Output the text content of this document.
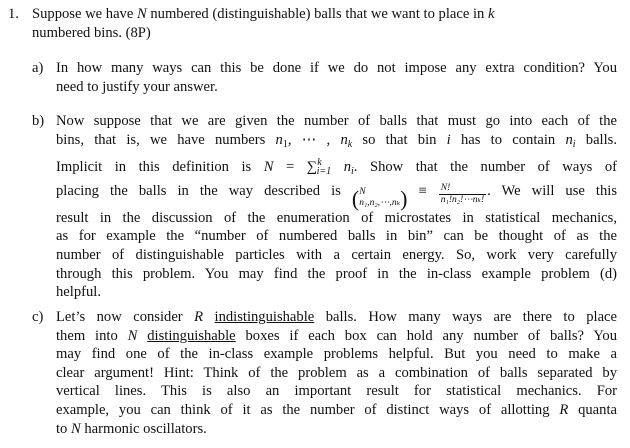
1. Suppose we have N numbered (distinguishable) balls that we want to place in k
numbered bins. (8P)
a) In how many ways can this be done if we do not impose any extra condition? You
need to justify your answer.
b) Now suppose that we are given the number of balls that must go into each of the
bins, that is, we have numbers $n_1$, ⋯ , $n_k$ so that bin i has to contain $n_i$ balls.
Implicit in this definition is N = ∑$^k_{i=1}$ $n_i$. Show that the number of ways of
placing the balls in the way described is ( N
n₁,n₂,⋯,nₖ ) ≡ $\frac{N!}{\text{n₁!n₂!⋯nₖ!}}$ . We will use this
result in the discussion of the enumeration of microstates in statistical mechanics,
as for example the “number of numbered balls in bin” can be thought of as the
number of distinguishable particles with a certain energy. So, work very carefully
through this problem. You may find the proof in the in-class example problem (d)
helpful.
c) Let’s now consider R indistinguishable balls. How many ways are there to place
them into N distinguishable boxes if each box can hold any number of balls? You
may find one of the in-class example problems helpful. But you need to make a
clear argument! Hint: Think of the problem as a combination of balls separated by
vertical lines. This is also an important result for statistical mechanics. For
example, you can think of it as the number of distinct ways of allotting R quanta
to N harmonic oscillators.
